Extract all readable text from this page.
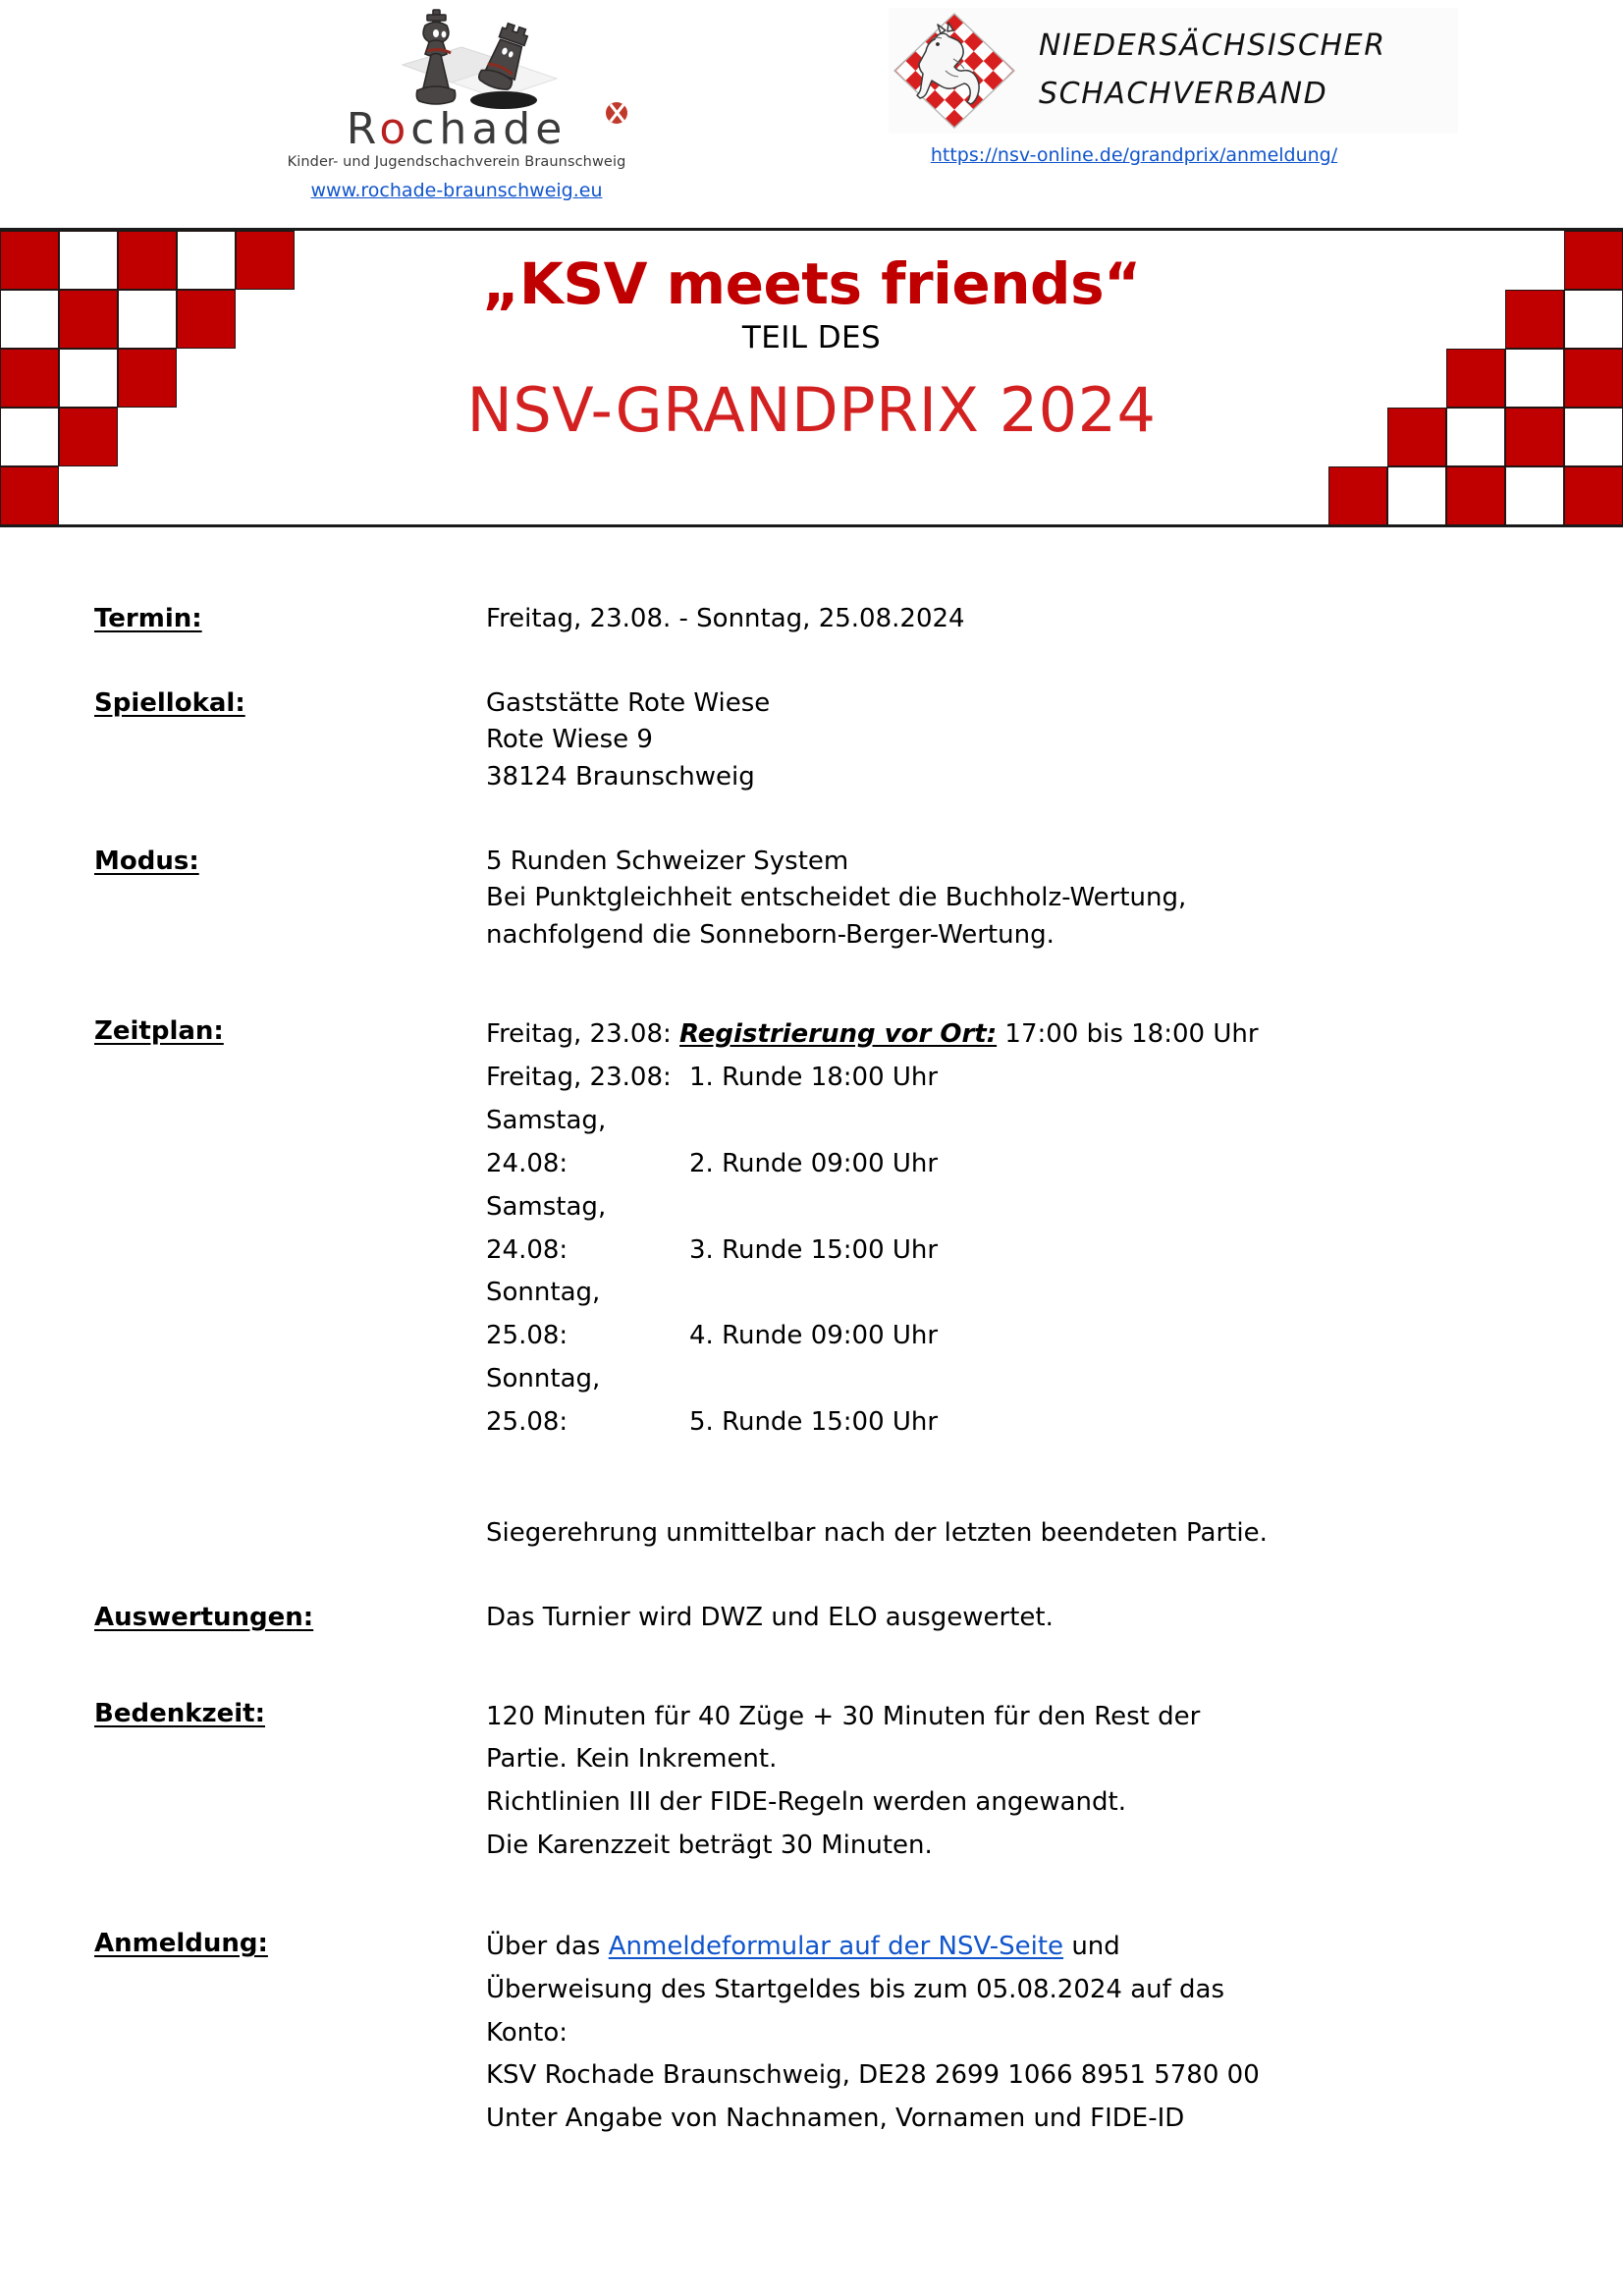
Rochade
Kinder- und Jugendschachverein Braunschweig
www.rochade-braunschweig.eu
NIEDERSÄCHSISCHER
SCHACHVERBAND
https://nsv-online.de/grandprix/anmeldung/
„KSV meets friends“
TEIL DES
NSV-GRANDPRIX 2024
Termin:	Freitag, 23.08. - Sonntag, 25.08.2024
Spiellokal:	Gaststätte Rote Wiese
Rote Wiese 9
38124 Braunschweig
Modus:	5 Runden Schweizer System
Bei Punktgleichheit entscheidet die Buchholz-Wertung,
nachfolgend die Sonneborn-Berger-Wertung.
Zeitplan:	Freitag, 23.08: Registrierung vor Ort: 17:00 bis 18:00 Uhr
Freitag, 23.08: 1. Runde 18:00 Uhr
Samstag, 24.08:	2. Runde 09:00 Uhr
Samstag, 24.08:	3. Runde 15:00 Uhr
Sonntag, 25.08:	4. Runde 09:00 Uhr
Sonntag, 25.08:	5. Runde 15:00 Uhr
Siegerehrung unmittelbar nach der letzten beendeten Partie.
Auswertungen:	Das Turnier wird DWZ und ELO ausgewertet.
Bedenkzeit:	120 Minuten für 40 Züge + 30 Minuten für den Rest der
Partie. Kein Inkrement.
Richtlinien III der FIDE-Regeln werden angewandt.
Die Karenzzeit beträgt 30 Minuten.
Anmeldung:	Über das Anmeldeformular auf der NSV-Seite und
Überweisung des Startgeldes bis zum 05.08.2024 auf das
Konto:
KSV Rochade Braunschweig, DE28 2699 1066 8951 5780 00
Unter Angabe von Nachnamen, Vornamen und FIDE-ID
